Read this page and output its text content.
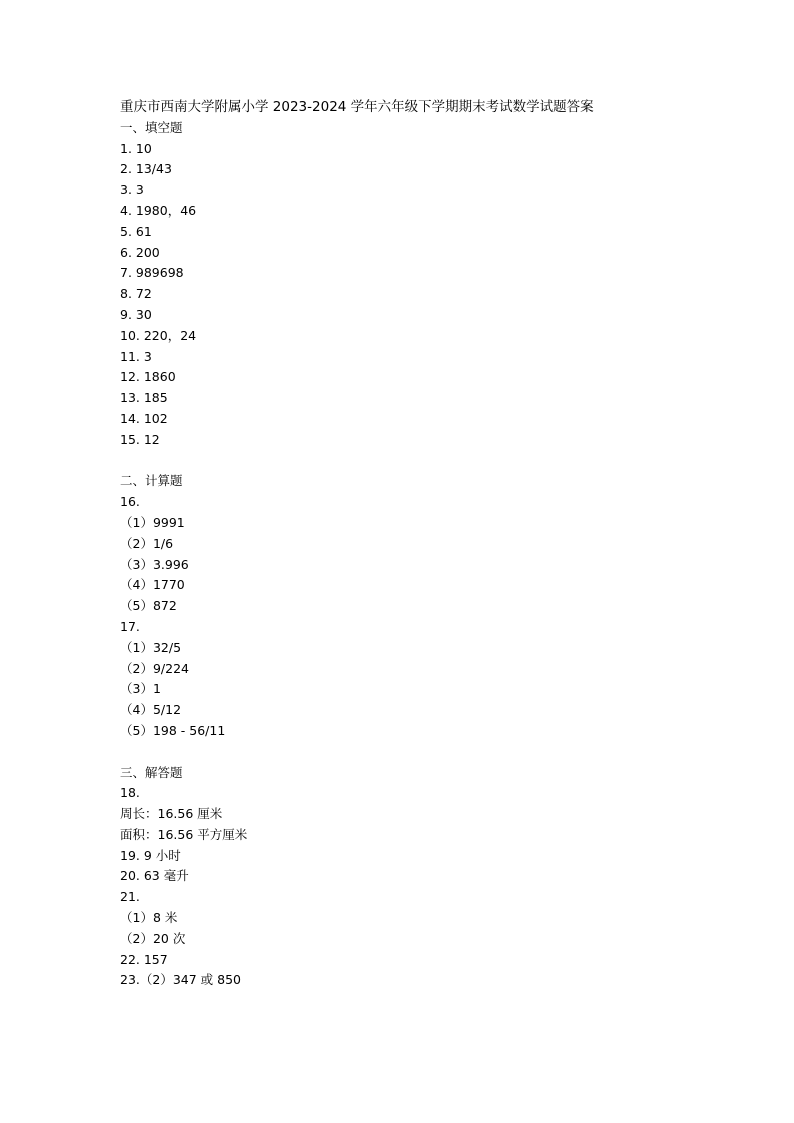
重庆市西南大学附属小学 2023-2024 学年六年级下学期期末考试数学试题答案
一、填空题
1. 10
2. 13/43
3. 3
4. 1980，46
5. 61
6. 200
7. 989698
8. 72
9. 30
10. 220，24
11. 3
12. 1860
13. 185
14. 102
15. 12
二、计算题
16.
（1）9991
（2）1/6
（3）3.996
（4）1770
（5）872
17.
（1）32/5
（2）9/224
（3）1
（4）5/12
（5）198 - 56/11
三、解答题
18.
周长：16.56 厘米
面积：16.56 平方厘米
19. 9 小时
20. 63 毫升
21.
（1）8 米
（2）20 次
22. 157
23.（2）347 或 850
